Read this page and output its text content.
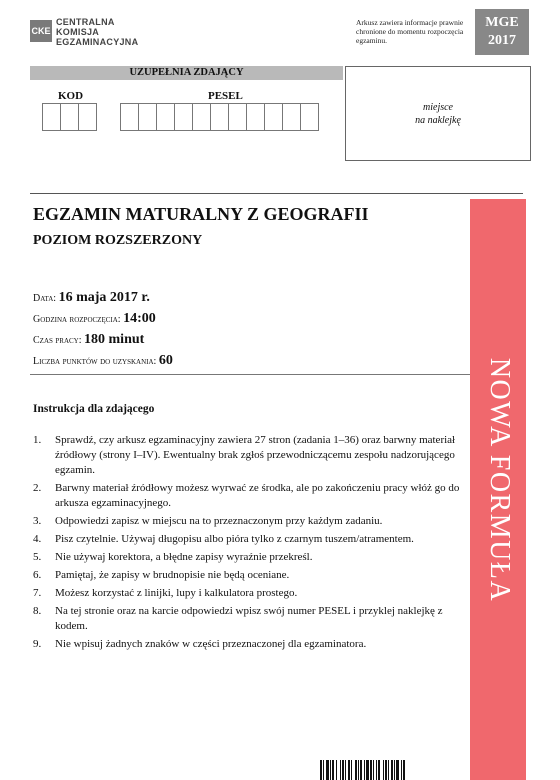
CKE
CENTRALNA
KOMISJA
EGZAMINACYJNA
Arkusz zawiera informacje prawnie chronione do momentu rozpoczęcia egzaminu.
MGE
2017
UZUPEŁNIA ZDAJĄCY
KOD	PESEL
miejsce
na naklejkę
NOWA FORMUŁA
EGZAMIN MATURALNY Z GEOGRAFII
POZIOM ROZSZERZONY
Data: 16 maja 2017 r.
Godzina rozpoczęcia: 14:00
Czas pracy: 180 minut
Liczba punktów do uzyskania: 60
Instrukcja dla zdającego
1.	Sprawdź, czy arkusz egzaminacyjny zawiera 27 stron (zadania 1–36) oraz barwny materiał źródłowy (strony I–IV). Ewentualny brak zgłoś przewodniczącemu zespołu nadzorującego egzamin.
2.	Barwny materiał źródłowy możesz wyrwać ze środka, ale po zakończeniu pracy włóż go do arkusza egzaminacyjnego.
3.	Odpowiedzi zapisz w miejscu na to przeznaczonym przy każdym zadaniu.
4.	Pisz czytelnie. Używaj długopisu albo pióra tylko z czarnym tuszem/atramentem.
5.	Nie używaj korektora, a błędne zapisy wyraźnie przekreśl.
6.	Pamiętaj, że zapisy w brudnopisie nie będą oceniane.
7.	Możesz korzystać z linijki, lupy i kalkulatora prostego.
8.	Na tej stronie oraz na karcie odpowiedzi wpisz swój numer PESEL i przyklej naklejkę z kodem.
9.	Nie wpisuj żadnych znaków w części przeznaczonej dla egzaminatora.
